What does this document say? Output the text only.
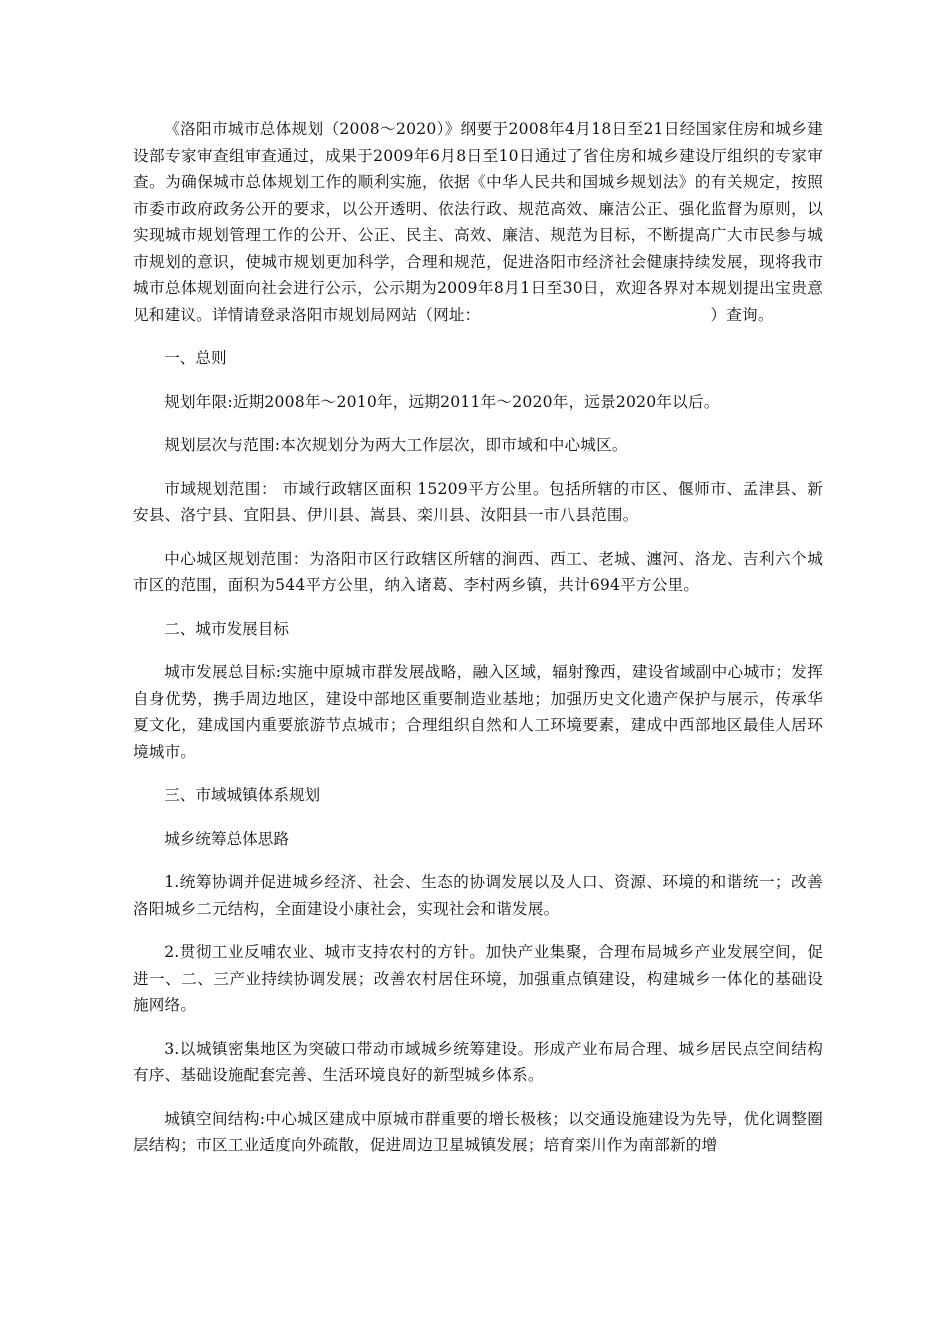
《洛阳市城市总体规划（2008～2020）》纲要于2008年4月18日至21日经国家住房和城乡建设部专家审查组审查通过，成果于2009年6月8日至10日通过了省住房和城乡建设厅组织的专家审查。为确保城市总体规划工作的顺利实施，依据《中华人民共和国城乡规划法》的有关规定，按照市委市政府政务公开的要求，以公开透明、依法行政、规范高效、廉洁公正、强化监督为原则，以实现城市规划管理工作的公开、公正、民主、高效、廉洁、规范为目标，不断提高广大市民参与城市规划的意识，使城市规划更加科学，合理和规范，促进洛阳市经济社会健康持续发展，现将我市城市总体规划面向社会进行公示，公示期为2009年8月1日至30日，欢迎各界对本规划提出宝贵意见和建议。详情请登录洛阳市规划局网站（网址：	）查询。

一、总则

规划年限:近期2008年～2010年，远期2011年～2020年，远景2020年以后。

规划层次与范围:本次规划分为两大工作层次，即市域和中心城区。

市域规划范围： 市域行政辖区面积 15209平方公里。包括所辖的市区、偃师市、孟津县、新安县、洛宁县、宜阳县、伊川县、嵩县、栾川县、汝阳县一市八县范围。

中心城区规划范围：为洛阳市区行政辖区所辖的涧西、西工、老城、瀍河、洛龙、吉利六个城市区的范围，面积为544平方公里，纳入诸葛、李村两乡镇，共计694平方公里。

二、城市发展目标

城市发展总目标:实施中原城市群发展战略，融入区域，辐射豫西，建设省域副中心城市；发挥自身优势，携手周边地区，建设中部地区重要制造业基地；加强历史文化遗产保护与展示，传承华夏文化，建成国内重要旅游节点城市；合理组织自然和人工环境要素，建成中西部地区最佳人居环境城市。

三、市域城镇体系规划

城乡统筹总体思路

1.统筹协调并促进城乡经济、社会、生态的协调发展以及人口、资源、环境的和谐统一；改善洛阳城乡二元结构，全面建设小康社会，实现社会和谐发展。

2.贯彻工业反哺农业、城市支持农村的方针。加快产业集聚，合理布局城乡产业发展空间，促进一、二、三产业持续协调发展；改善农村居住环境，加强重点镇建设，构建城乡一体化的基础设施网络。

3.以城镇密集地区为突破口带动市域城乡统筹建设。形成产业布局合理、城乡居民点空间结构有序、基础设施配套完善、生活环境良好的新型城乡体系。

城镇空间结构:中心城区建成中原城市群重要的增长极核；以交通设施建设为先导，优化调整圈层结构；市区工业适度向外疏散，促进周边卫星城镇发展；培育栾川作为南部新的增
